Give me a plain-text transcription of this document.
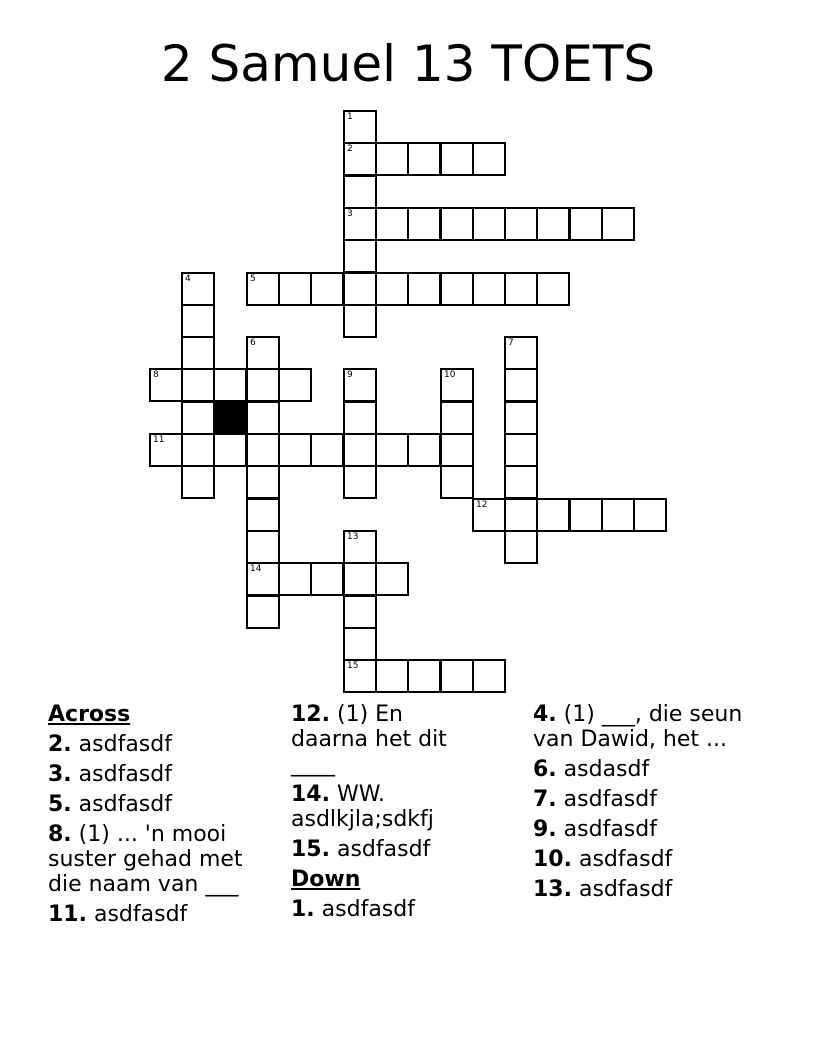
2 Samuel 13 TOETS
1
2
3
4	5
6	7
8	9	10
11
12
13
14
15
Across
2. asdfasdf
3. asdfasdf
5. asdfasdf
8. (1) ... 'n mooi suster gehad met die naam van ___
11. asdfasdf
12. (1) En daarna het dit ____
14. WW. asdlkjla;sdkfj
15. asdfasdf
Down
1. asdfasdf
4. (1) ___, die seun van Dawid, het ...
6. asdasdf
7. asdfasdf
9. asdfasdf
10. asdfasdf
13. asdfasdf
